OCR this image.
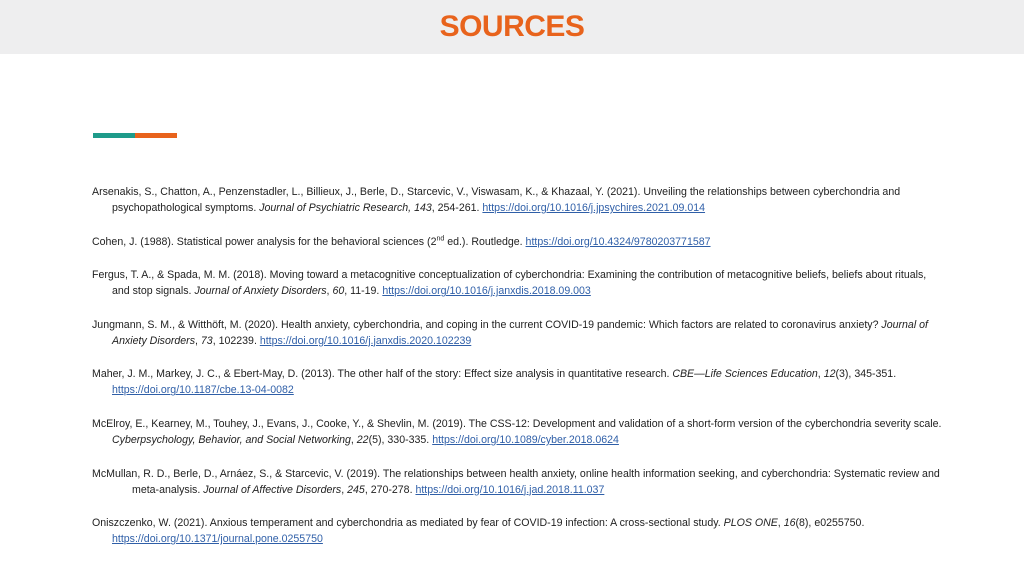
SOURCES

Arsenakis, S., Chatton, A., Penzenstadler, L., Billieux, J., Berle, D., Starcevic, V., Viswasam, K., & Khazaal, Y. (2021). Unveiling the relationships between cyberchondria and psychopathological symptoms. Journal of Psychiatric Research, 143, 254-261. https://doi.org/10.1016/j.jpsychires.2021.09.014

Cohen, J. (1988). Statistical power analysis for the behavioral sciences (2nd ed.). Routledge. https://doi.org/10.4324/9780203771587

Fergus, T. A., & Spada, M. M. (2018). Moving toward a metacognitive conceptualization of cyberchondria: Examining the contribution of metacognitive beliefs, beliefs about rituals, and stop signals. Journal of Anxiety Disorders, 60, 11-19. https://doi.org/10.1016/j.janxdis.2018.09.003

Jungmann, S. M., & Witthöft, M. (2020). Health anxiety, cyberchondria, and coping in the current COVID-19 pandemic: Which factors are related to coronavirus anxiety? Journal of Anxiety Disorders, 73, 102239. https://doi.org/10.1016/j.janxdis.2020.102239

Maher, J. M., Markey, J. C., & Ebert-May, D. (2013). The other half of the story: Effect size analysis in quantitative research. CBE—Life Sciences Education, 12(3), 345-351. https://doi.org/10.1187/cbe.13-04-0082

McElroy, E., Kearney, M., Touhey, J., Evans, J., Cooke, Y., & Shevlin, M. (2019). The CSS-12: Development and validation of a short-form version of the cyberchondria severity scale. Cyberpsychology, Behavior, and Social Networking, 22(5), 330-335. https://doi.org/10.1089/cyber.2018.0624

McMullan, R. D., Berle, D., Arnáez, S., & Starcevic, V. (2019). The relationships between health anxiety, online health information seeking, and cyberchondria: Systematic review and meta-analysis. Journal of Affective Disorders, 245, 270-278. https://doi.org/10.1016/j.jad.2018.11.037

Oniszczenko, W. (2021). Anxious temperament and cyberchondria as mediated by fear of COVID-19 infection: A cross-sectional study. PLOS ONE, 16(8), e0255750. https://doi.org/10.1371/journal.pone.0255750
